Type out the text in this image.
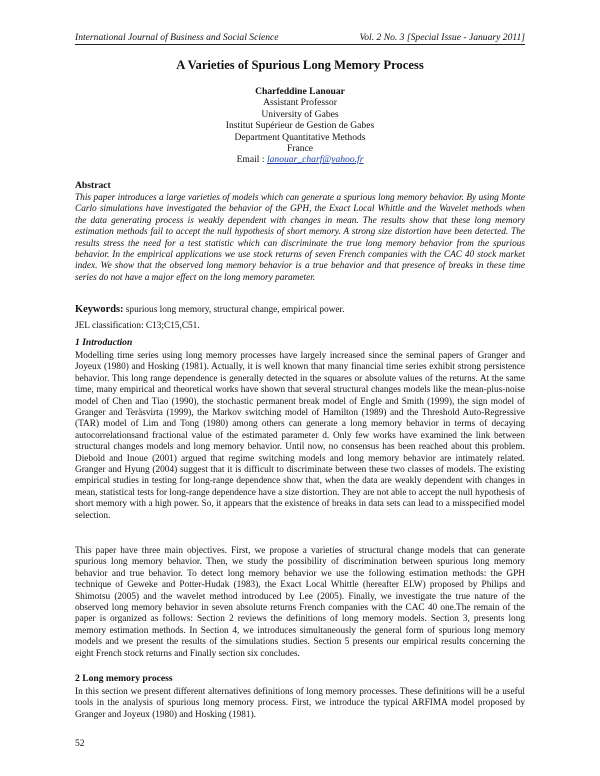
International Journal of Business and Social Science	Vol. 2 No. 3 [Special Issue - January 2011]
A Varieties of Spurious Long Memory Process
Charfeddine Lanouar
Assistant Professor
University of Gabes
Institut Supérieur de Gestion de Gabes
Department Quantitative Methods
France
Email : lanouar_charf@yahoo.fr
Abstract

This paper introduces a large varieties of models which can generate a spurious long memory behavior. By using Monte Carlo simulations have investigated the behavior of the GPH, the Exact Local Whittle and the Wavelet methods when the data generating process is weakly dependent with changes in mean. The results show that these long memory estimation methods fail to accept the null hypothesis of short memory. A strong size distortion have been detected. The results stress the need for a test statistic which can discriminate the true long memory behavior from the spurious behavior. In the empirical applications we use stock returns of seven French companies with the CAC 40 stock market index. We show that the observed long memory behavior is a true behavior and that presence of breaks in these time series do not have a major effect on the long memory parameter.

Keywords: spurious long memory, structural change, empirical power.
JEL classification: C13;C15,C51.
1 Introduction

Modelling time series using long memory processes have largely increased since the seminal papers of Granger and Joyeux (1980) and Hosking (1981). Actually, it is well known that many financial time series exhibit strong persistence behavior. This long range dependence is generally detected in the squares or absolute values of the returns. At the same time, many empirical and theoretical works have shown that several structural changes models like the mean-plus-noise model of Chen and Tiao (1990), the stochastic permanent break model of Engle and Smith (1999), the sign model of Granger and Teräsvirta (1999), the Markov switching model of Hamilton (1989) and the Threshold Auto-Regressive (TAR) model of Lim and Tong (1980) among others can generate a long memory behavior in terms of decaying autocorrelationsand fractional value of the estimated parameter d. Only few works have examined the link between structural changes models and long memory behavior. Until now, no consensus has been reached about this problem. Diebold and Inoue (2001) argued that regime switching models and long memory behavior are intimately related. Granger and Hyung (2004) suggest that it is difficult to discriminate between these two classes of models. The existing empirical studies in testing for long-range dependence show that, when the data are weakly dependent with changes in mean, statistical tests for long-range dependence have a size distortion. They are not able to accept the null hypothesis of short memory with a high power. So, it appears that the existence of breaks in data sets can lead to a misspecified model selection.

This paper have three main objectives. First, we propose a varieties of structural change models that can generate spurious long memory behavior. Then, we study the possibility of discrimination between spurious long memory behavior and true behavior. To detect long memory behavior we use the following estimation methods: the GPH technique of Geweke and Potter-Hudak (1983), the Exact Local Whittle (hereafter ELW) proposed by Philips and Shimotsu (2005) and the wavelet method introduced by Lee (2005). Finally, we investigate the true nature of the observed long memory behavior in seven absolute returns French companies with the CAC 40 one.The remain of the paper is organized as follows: Section 2 reviews the definitions of long memory models. Section 3, presents long memory estimation methods. In Section 4, we introduces simultaneously the general form of spurious long memory models and we present the results of the simulations studies. Section 5 presents our empirical results concerning the eight French stock returns and Finally section six concludes.

2 Long memory process

In this section we present different alternatives definitions of long memory processes. These definitions will be a useful tools in the analysis of spurious long memory process. First, we introduce the typical ARFIMA model proposed by Granger and Joyeux (1980) and Hosking (1981).

52
